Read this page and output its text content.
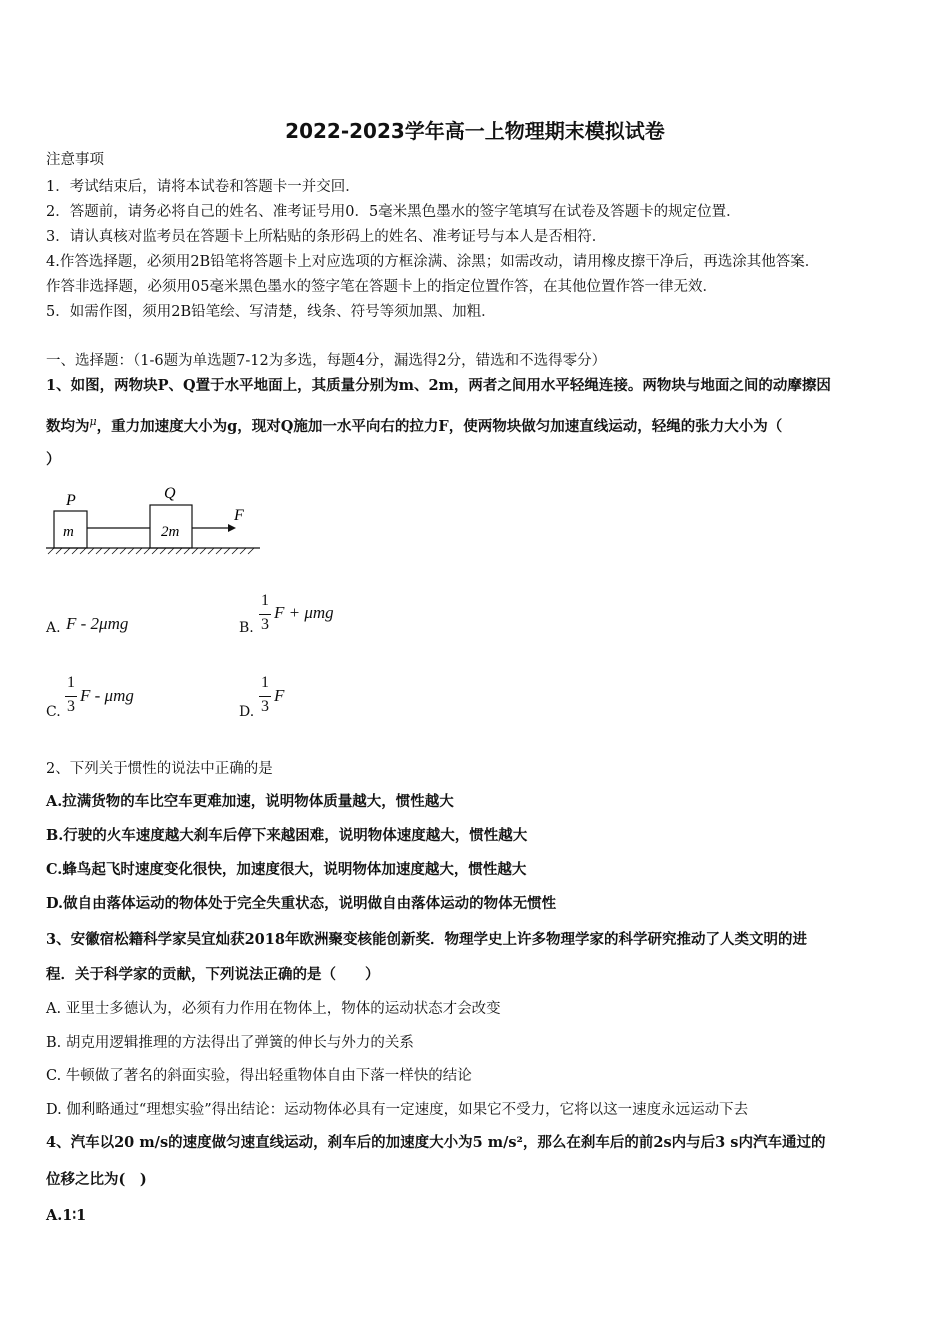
2022-2023学年高一上物理期末模拟试卷
注意事项
1．考试结束后，请将本试卷和答题卡一并交回．
2．答题前，请务必将自己的姓名、准考证号用0．5毫米黑色墨水的签字笔填写在试卷及答题卡的规定位置．
3．请认真核对监考员在答题卡上所粘贴的条形码上的姓名、准考证号与本人是否相符．
4.作答选择题，必须用2B铅笔将答题卡上对应选项的方框涂满、涂黑；如需改动，请用橡皮擦干净后，再选涂其他答案．
作答非选择题，必须用05毫米黑色墨水的签字笔在答题卡上的指定位置作答，在其他位置作答一律无效．
5．如需作图，须用2B铅笔绘、写清楚，线条、符号等须加黑、加粗．
一、选择题：（1-6题为单选题7-12为多选，每题4分，漏选得2分，错选和不选得零分）
1、如图，两物块P、Q置于水平地面上，其质量分别为m、2m，两者之间用水平轻绳连接。两物块与地面之间的动摩擦因
数均为$^\mu$，重力加速度大小为g，现对Q施加一水平向右的拉力F，使两物块做匀加速直线运动，轻绳的张力大小为（
）
P	Q
m	2m
F
A. F - 2μmg	B.
1
3
F + μmg
C.
1
3
F - μmg
D.
1
3
F
2、下列关于惯性的说法中正确的是
A.拉满货物的车比空车更难加速，说明物体质量越大，惯性越大
B.行驶的火车速度越大刹车后停下来越困难，说明物体速度越大，惯性越大
C.蜂鸟起飞时速度变化很快，加速度很大，说明物体加速度越大，惯性越大
D.做自由落体运动的物体处于完全失重状态，说明做自由落体运动的物体无惯性
3、安徽宿松籍科学家吴宜灿获2018年欧洲聚变核能创新奖．物理学史上许多物理学家的科学研究推动了人类文明的进
程．关于科学家的贡献，下列说法正确的是（　　）
A. 亚里士多德认为，必须有力作用在物体上，物体的运动状态才会改变
B. 胡克用逻辑推理的方法得出了弹簧的伸长与外力的关系
C. 牛顿做了著名的斜面实验，得出轻重物体自由下落一样快的结论
D. 伽利略通过“理想实验”得出结论：运动物体必具有一定速度，如果它不受力，它将以这一速度永远运动下去
4、汽车以20 m/s的速度做匀速直线运动，刹车后的加速度大小为5 m/s²，那么在刹车后的前2s内与后3 s内汽车通过的
位移之比为(　)
A.1∶1
